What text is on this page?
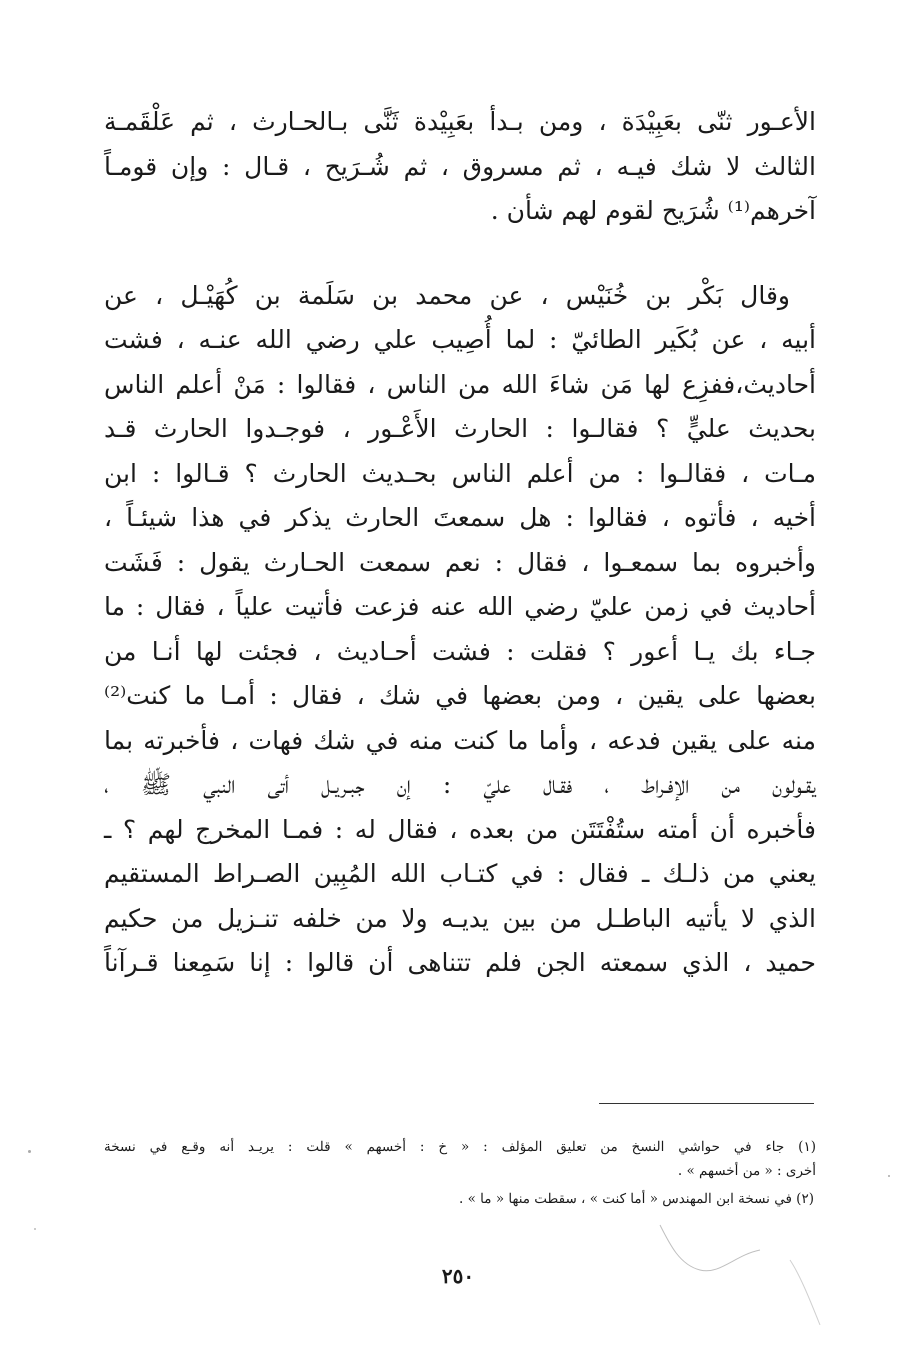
الأعـور ثنّى بعَبِيْدَة ، ومن بـدأ بعَبِيْدة ثَنَّى بـالحـارث ، ثم عَلْقَمـة
الثالث لا شك فيـه ، ثم مسروق ، ثم شُـرَيح ، قـال : وإن قومـاً
آخرهم⁽¹⁾ شُرَيح لقوم لهم شأن .
وقال بَكْر بن خُنَيْس ، عن محمد بن سَلَمة بن كُهَيْـل ، عن
أبيه ، عن بُكَير الطائيّ : لما أُصِيب علي رضي الله عنـه ، فشت
أحاديث،ففزِع لها مَن شاءَ الله من الناس ، فقالوا : مَنْ أعلم الناس
بحديث عليٍّ ؟ فقالـوا : الحارث الأَعْـور ، فوجـدوا الحارث قـد
مـات ، فقالـوا : من أعلم الناس بحـديث الحارث ؟ قـالوا : ابن
أخيه ، فأتوه ، فقالوا : هل سمعتَ الحارث يذكر في هذا شيئـاً ،
وأخبروه بما سمعـوا ، فقال : نعم سمعت الحـارث يقول : فَشَت
أحاديث في زمن عليّ رضي الله عنه فزعت فأتيت علياً ، فقال : ما
جـاء بك يـا أعور ؟ فقلت : فشت أحـاديث ، فجئت لها أنـا من
بعضها على يقين ، ومن بعضها في شك ، فقال : أمـا ما كنت⁽²⁾
منه على يقين فدعه ، وأما ما كنت منه في شك فهات ، فأخبرته بما
يقـولون من الإفـراط ، فقـال عليّ : إن جبـريـل أتى النبي ﷺ ،
فأخبره أن أمته ستُفْتَتَن من بعده ، فقال له : فمـا المخرج لهم ؟ ـ
يعني من ذلـك ـ فقال : في كتـاب الله المُبِين الصـراط المستقيم
الذي لا يأتيه الباطـل من بين يديـه ولا من خلفه تنـزيل من حكيم
حميد ، الذي سمعته الجن فلم تتناهى أن قالوا : إنا سَمِعنا قـرآناً
(١) جاء في حواشي النسخ من تعليق المؤلف : « خ : أخسهم » قلت : يريـد أنه وقـع في نسخة
أخرى : « من أخسهم » .
(٢) في نسخة ابن المهندس « أما كنت » ، سقطت منها « ما » .
٢٥٠
